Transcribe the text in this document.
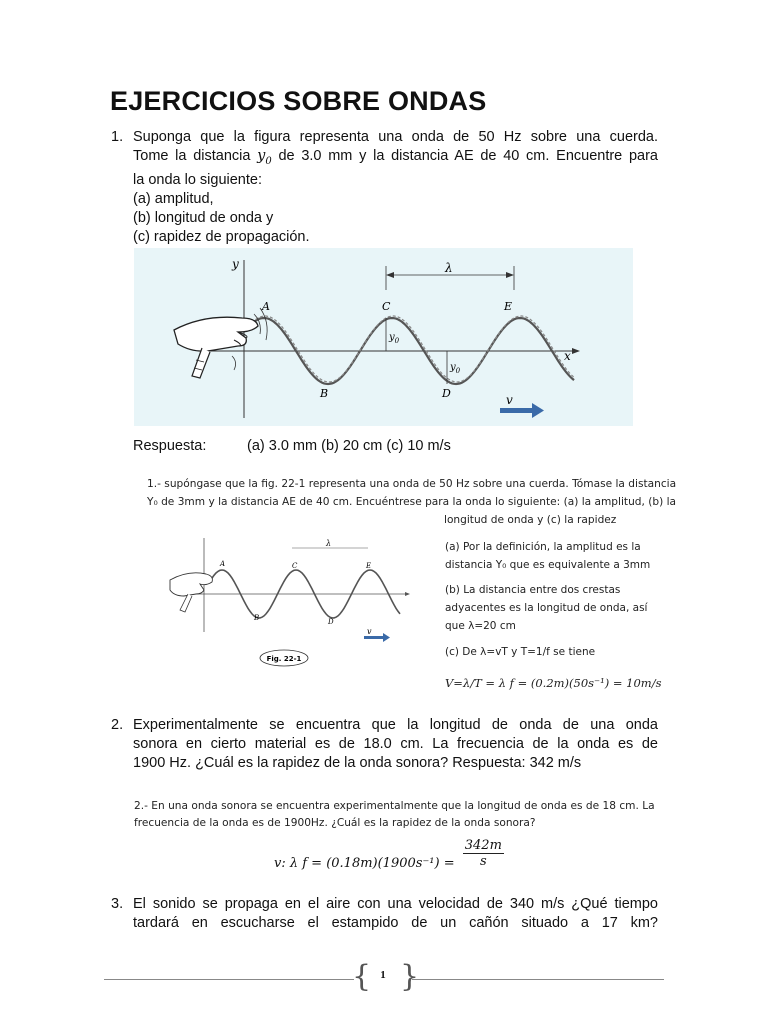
EJERCICIOS SOBRE ONDAS
1. Suponga que la figura representa una onda de 50 Hz sobre una cuerda.
Tome la distancia $y_0$ de 3.0 mm y la distancia AE de 40 cm. Encuentre para
la onda lo siguiente:
(a) amplitud,
(b) longitud de onda y
(c) rapidez de propagación.
y
x
λ
A
B
C
D
E
$y_0$
$y_0$
v
Respuesta:	(a) 3.0 mm (b) 20 cm (c) 10 m/s
1.- supóngase que la fig. 22-1 representa una onda de 50 Hz sobre una cuerda. Tómase la distancia
Y₀ de 3mm y la distancia AE de 40 cm. Encuéntrese para la onda lo siguiente: (a) la amplitud, (b) la
longitud de onda y (c) la rapidez
λ
A
B
C
D
E
v
Fig. 22-1
(a) Por la definición, la amplitud es la
distancia Y₀ que es equivalente a 3mm
(b) La distancia entre dos crestas
adyacentes es la longitud de onda, así
que λ=20 cm
(c) De λ=vT y T=1/f se tiene
V=λ/T = λ f = (0.2m)(50s⁻¹) = 10m/s
2. Experimentalmente se encuentra que la longitud de onda de una onda
sonora en cierto material es de 18.0 cm. La frecuencia de la onda es de
1900 Hz. ¿Cuál es la rapidez de la onda sonora? Respuesta: 342 m/s
2.- En una onda sonora se encuentra experimentalmente que la longitud de onda es de 18 cm. La
frecuencia de la onda es de 1900Hz. ¿Cuál es la rapidez de la onda sonora?
v: λ $f = (0.18m)(1900s^{-1}) = \frac{342m}{s}$
3. El sonido se propaga en el aire con una velocidad de 340 m/s ¿Qué tiempo
tardará en escucharse el estampido de un cañón situado a 17 km?
{ }
1
